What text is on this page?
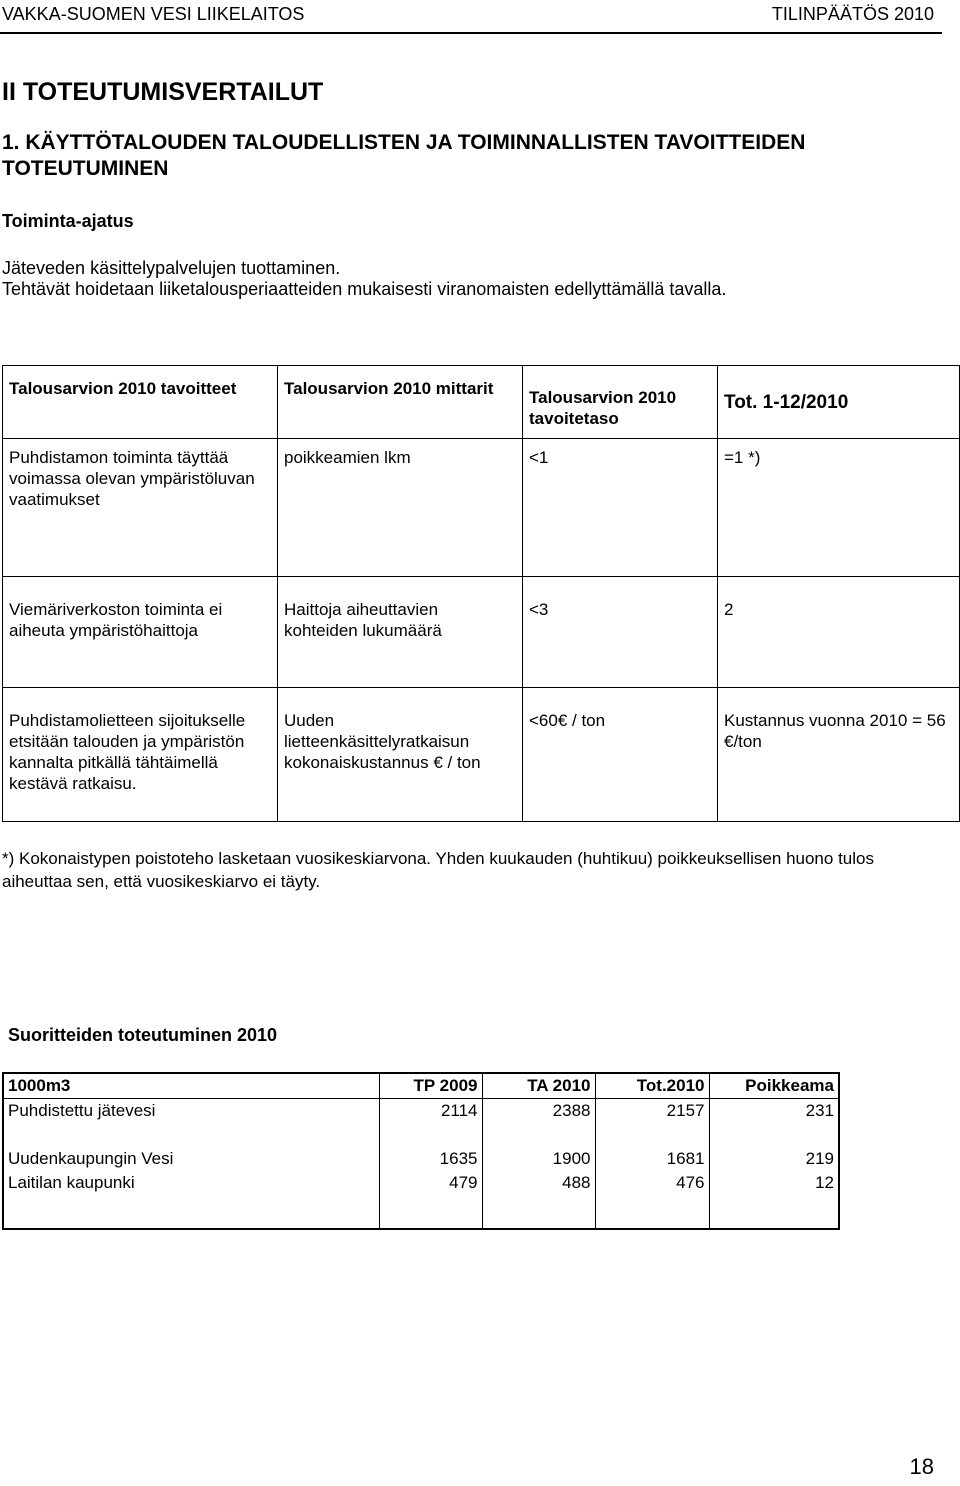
VAKKA-SUOMEN VESI LIIKELAITOS	TILINPÄÄTÖS 2010
II TOTEUTUMISVERTAILUT
1. KÄYTTÖTALOUDEN TALOUDELLISTEN JA TOIMINNALLISTEN TAVOITTEIDEN TOTEUTUMINEN
Toiminta-ajatus
Jäteveden käsittelypalvelujen tuottaminen.
Tehtävät hoidetaan liiketalousperiaatteiden mukaisesti viranomaisten edellyttämällä tavalla.
Talousarvion 2010 tavoitteet	Talousarvion 2010 mittarit	Talousarvion 2010 tavoitetaso	Tot. 1-12/2010
Puhdistamon toiminta täyttää voimassa olevan ympäristöluvan vaatimukset	poikkeamien lkm	<1	=1 *)
Viemäriverkoston toiminta ei aiheuta ympäristöhaittoja	Haittoja aiheuttavien kohteiden lukumäärä	<3	2
Puhdistamolietteen sijoitukselle etsitään talouden ja ympäristön kannalta pitkällä tähtäimellä kestävä ratkaisu.	Uuden lietteenkäsittelyratkaisun kokonaiskustannus € / ton	<60€ / ton	Kustannus vuonna 2010 = 56 €/ton
*) Kokonaistypen poistoteho lasketaan vuosikeskiarvona. Yhden kuukauden (huhtikuu) poikkeuksellisen huono tulos aiheuttaa sen, että vuosikeskiarvo ei täyty.
Suoritteiden toteutuminen 2010
1000m3	TP 2009	TA 2010	Tot.2010	Poikkeama
Puhdistettu jätevesi	2114	2388	2157	231

Uudenkaupungin Vesi	1635	1900	1681	219
Laitilan kaupunki	479	488	476	12

18
